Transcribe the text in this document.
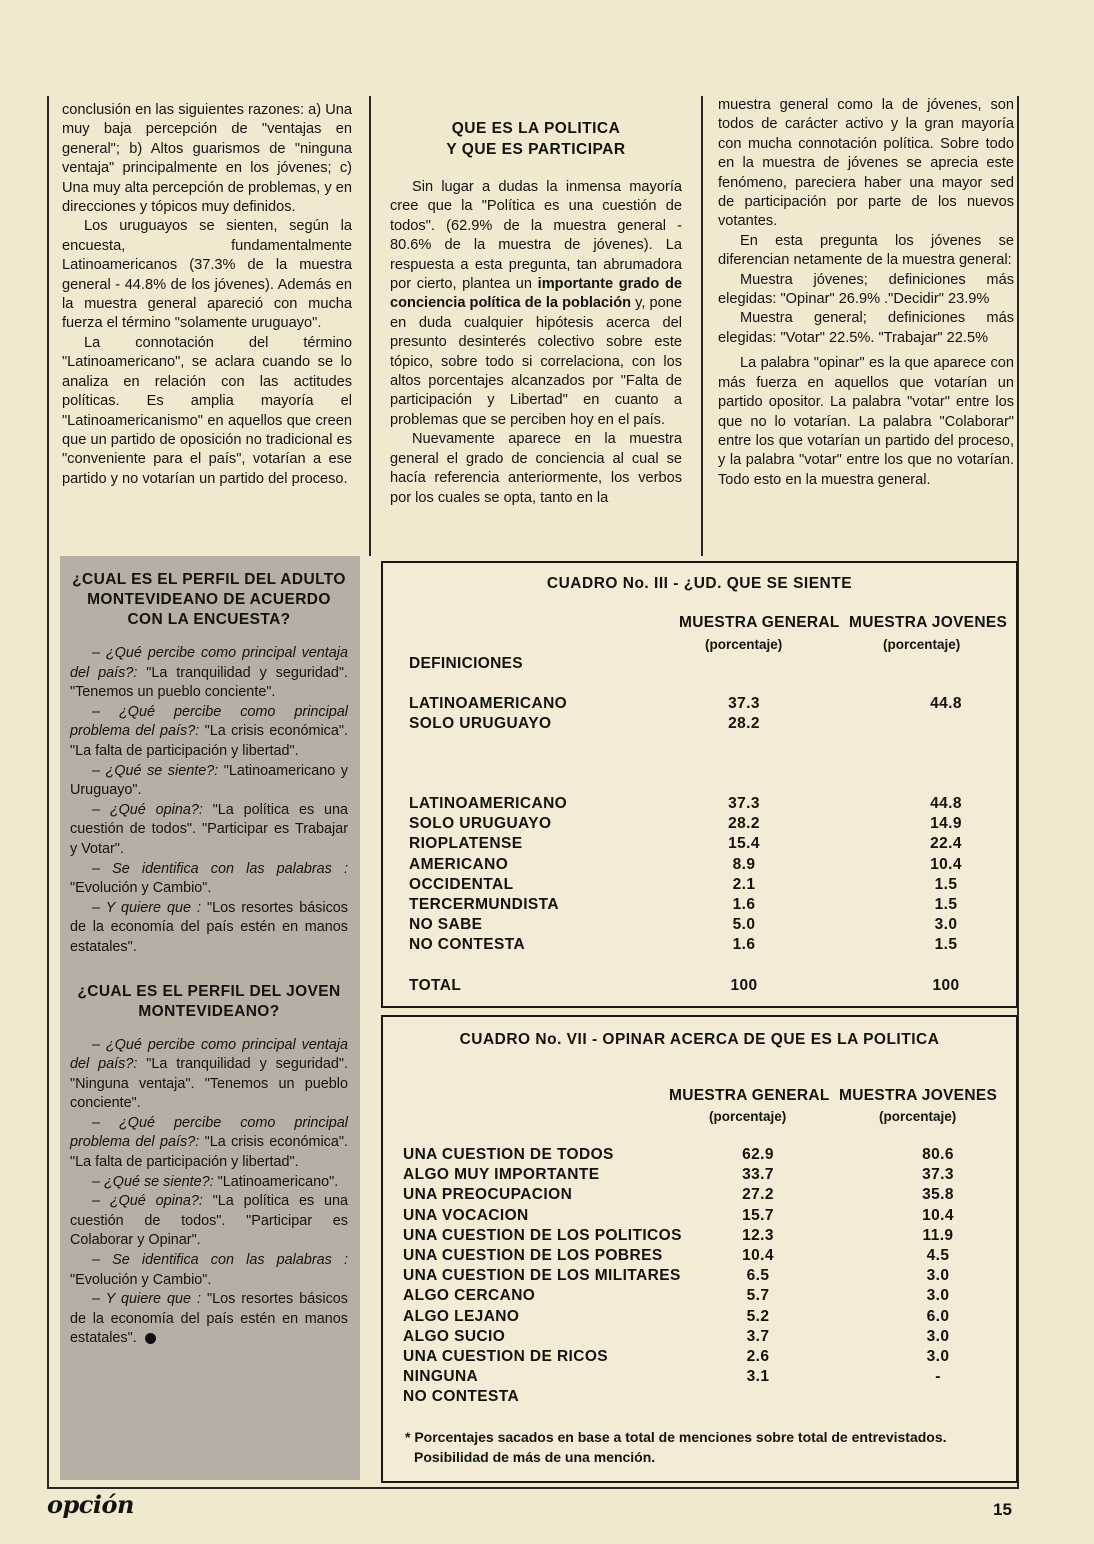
conclusión en las siguientes razones: a) Una muy baja percepción de "ventajas en general"; b) Altos guarismos de "ninguna ventaja" principalmente en los jóvenes; c) Una muy alta percepción de problemas, y en direcciones y tópicos muy definidos.

Los uruguayos se sienten, según la encuesta, fundamentalmente Latinoamericanos (37.3% de la muestra general - 44.8% de los jóvenes). Además en la muestra general apareció con mucha fuerza el término "solamente uruguayo".

La connotación del término "Latinoamericano", se aclara cuando se lo analiza en relación con las actitudes políticas. Es amplia mayoría el "Latinoamericanismo" en aquellos que creen que un partido de oposición no tradicional es "conveniente para el país", votarían a ese partido y no votarían un partido del proceso.

QUE ES LA POLITICA
Y QUE ES PARTICIPAR

Sin lugar a dudas la inmensa mayoría cree que la "Política es una cuestión de todos". (62.9% de la muestra general - 80.6% de la muestra de jóvenes). La respuesta a esta pregunta, tan abrumadora por cierto, plantea un importante grado de conciencia política de la población y, pone en duda cualquier hipótesis acerca del presunto desinterés colectivo sobre este tópico, sobre todo si correlaciona, con los altos porcentajes alcanzados por "Falta de participación y Libertad" en cuanto a problemas que se perciben hoy en el país.

Nuevamente aparece en la muestra general el grado de conciencia al cual se hacía referencia anteriormente, los verbos por los cuales se opta, tanto en la

muestra general como la de jóvenes, son todos de carácter activo y la gran mayoría con mucha connotación política. Sobre todo en la muestra de jóvenes se aprecia este fenómeno, pareciera haber una mayor sed de participación por parte de los nuevos votantes.

En esta pregunta los jóvenes se diferencian netamente de la muestra general:

Muestra jóvenes; definiciones más elegidas: "Opinar" 26.9% ."Decidir" 23.9%

Muestra general; definiciones más elegidas: "Votar" 22.5%. "Trabajar" 22.5%

La palabra "opinar" es la que aparece con más fuerza en aquellos que votarían un partido opositor. La palabra "votar" entre los que no lo votarían. La palabra "Colaborar" entre los que votarían un partido del proceso, y la palabra "votar" entre los que no votarían. Todo esto en la muestra general.

¿CUAL ES EL PERFIL DEL ADULTO MONTEVIDEANO DE ACUERDO CON LA ENCUESTA?

– ¿Qué percibe como principal ventaja del país?: "La tranquilidad y seguridad". "Tenemos un pueblo conciente".

– ¿Qué percibe como principal problema del país?: "La crisis económica". "La falta de participación y libertad".

– ¿Qué se siente?: "Latinoamericano y Uruguayo".

– ¿Qué opina?: "La política es una cuestión de todos". "Participar es Trabajar y Votar".

– Se identifica con las palabras : "Evolución y Cambio".

– Y quiere que : "Los resortes básicos de la economía del país estén en manos estatales".

¿CUAL ES EL PERFIL DEL JOVEN MONTEVIDEANO?

– ¿Qué percibe como principal ventaja del país?: "La tranquilidad y seguridad". "Ninguna ventaja". "Tenemos un pueblo conciente".

– ¿Qué percibe como principal problema del país?: "La crisis económica". "La falta de participación y libertad".

– ¿Qué se siente?: "Latinoamericano".

– ¿Qué opina?: "La política es una cuestión de todos". "Participar es Colaborar y Opinar".

– Se identifica con las palabras : "Evolución y Cambio".

– Y quiere que : "Los resortes básicos de la economía del país estén en manos estatales".

CUADRO No. III - ¿UD. QUE SE SIENTE
MUESTRA GENERAL MUESTRA JOVENES
(porcentaje)	(porcentaje)
DEFINICIONES
LATINOAMERICANO	37.3	44.8
SOLO URUGUAYO	28.2
LATINOAMERICANO	37.3	44.8
SOLO URUGUAYO	28.2	14.9
RIOPLATENSE	15.4	22.4
AMERICANO	8.9	10.4
OCCIDENTAL	2.1	1.5
TERCERMUNDISTA	1.6	1.5
NO SABE	5.0	3.0
NO CONTESTA	1.6	1.5
TOTAL	100	100
CUADRO No. VII - OPINAR ACERCA DE QUE ES LA POLITICA
MUESTRA GENERAL MUESTRA JOVENES
(porcentaje)	(porcentaje)
UNA CUESTION DE TODOS	62.9	80.6
ALGO MUY IMPORTANTE	33.7	37.3
UNA PREOCUPACION	27.2	35.8
UNA VOCACION	15.7	10.4
UNA CUESTION DE LOS POLITICOS	12.3	11.9
UNA CUESTION DE LOS POBRES	10.4	4.5
UNA CUESTION DE LOS MILITARES	6.5	3.0
ALGO CERCANO	5.7	3.0
ALGO LEJANO	5.2	6.0
ALGO SUCIO	3.7	3.0
UNA CUESTION DE RICOS	2.6	3.0
NINGUNA	3.1	-
NO CONTESTA
* Porcentajes sacados en base a total de menciones sobre total de entrevistados.
Posibilidad de más de una mención.
opción	15
